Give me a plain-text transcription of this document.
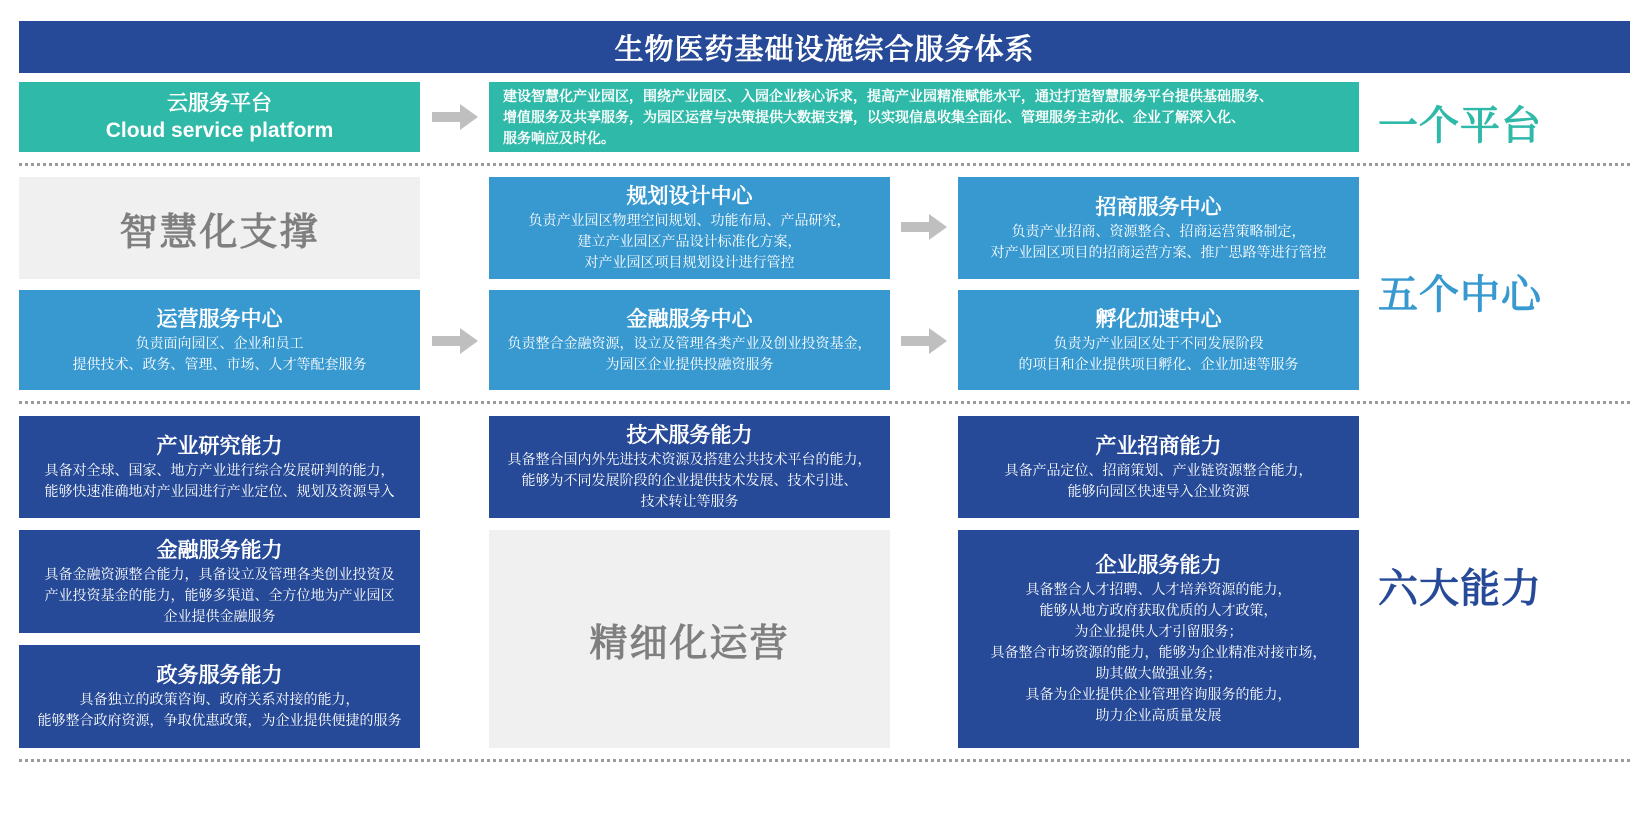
生物医药基础设施综合服务体系
云服务平台
Cloud service platform
建设智慧化产业园区，围绕产业园区、入园企业核心诉求，提高产业园精准赋能水平，通过打造智慧服务平台提供基础服务、
增值服务及共享服务，为园区运营与决策提供大数据支撑，以实现信息收集全面化、管理服务主动化、企业了解深入化、
服务响应及时化。	一个平台
智慧化支撑
规划设计中心
负责产业园区物理空间规划、功能布局、产品研究，
建立产业园区产品设计标准化方案，
对产业园区项目规划设计进行管控
招商服务中心
负责产业招商、资源整合、招商运营策略制定，
对产业园区项目的招商运营方案、推广思路等进行管控
五个中心
运营服务中心
负责面向园区、企业和员工
提供技术、政务、管理、市场、人才等配套服务
金融服务中心
负责整合金融资源，设立及管理各类产业及创业投资基金，
为园区企业提供投融资服务
孵化加速中心
负责为产业园区处于不同发展阶段
的项目和企业提供项目孵化、企业加速等服务
产业研究能力
具备对全球、国家、地方产业进行综合发展研判的能力，
能够快速准确地对产业园进行产业定位、规划及资源导入
技术服务能力
具备整合国内外先进技术资源及搭建公共技术平台的能力，
能够为不同发展阶段的企业提供技术发展、技术引进、
技术转让等服务
产业招商能力
具备产品定位、招商策划、产业链资源整合能力，
能够向园区快速导入企业资源
金融服务能力
具备金融资源整合能力，具备设立及管理各类创业投资及
产业投资基金的能力，能够多渠道、全方位地为产业园区
企业提供金融服务
精细化运营
企业服务能力
具备整合人才招聘、人才培养资源的能力，
能够从地方政府获取优质的人才政策，
为企业提供人才引留服务；
具备整合市场资源的能力，能够为企业精准对接市场，
助其做大做强业务；
具备为企业提供企业管理咨询服务的能力，
助力企业高质量发展
六大能力
政务服务能力
具备独立的政策咨询、政府关系对接的能力，
能够整合政府资源，争取优惠政策，为企业提供便捷的服务
